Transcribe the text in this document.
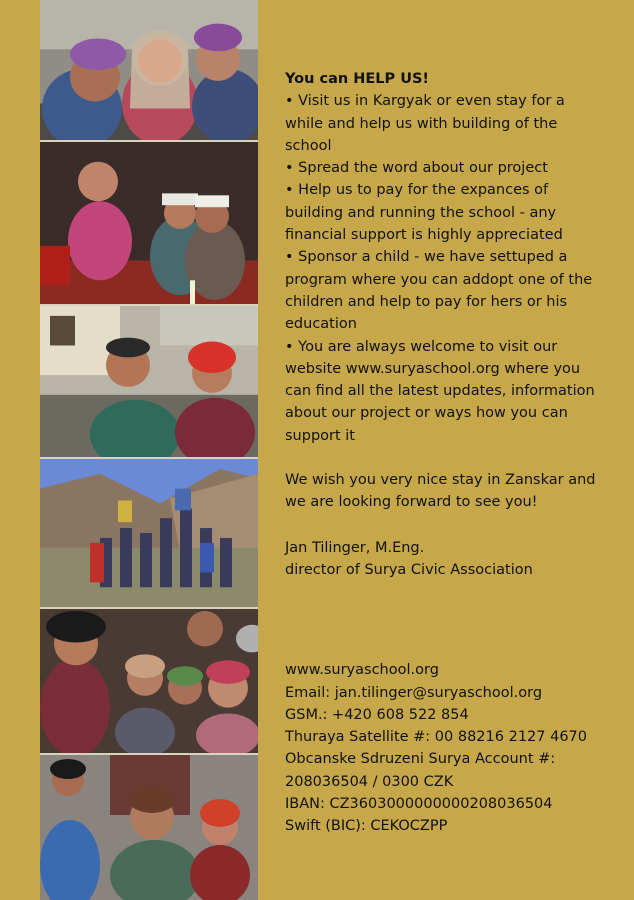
You can HELP US!

• Visit us in Kargyak or even stay for a while and help us with building of the school

• Spread the word about our project

• Help us to pay for the expances of building and running the school - any financial support is highly appreciated

• Sponsor a child - we have settuped a program where you can addopt one of the children and help to pay for hers or his education

• You are always welcome to visit our website www.suryaschool.org where you can find all the latest updates, information about our project or ways how you can support it

We wish you very nice stay in Zanskar and we are looking forward to see you!

Jan Tilinger, M.Eng.

director of Surya Civic Association

www.suryaschool.org

Email: jan.tilinger@suryaschool.org

GSM.: +420 608 522 854

Thuraya Satellite #: 00 88216 2127 4670

Obcanske Sdruzeni Surya Account #: 208036504 / 0300 CZK

IBAN: CZ3603000000000208036504

Swift (BIC): CEKOCZPP
